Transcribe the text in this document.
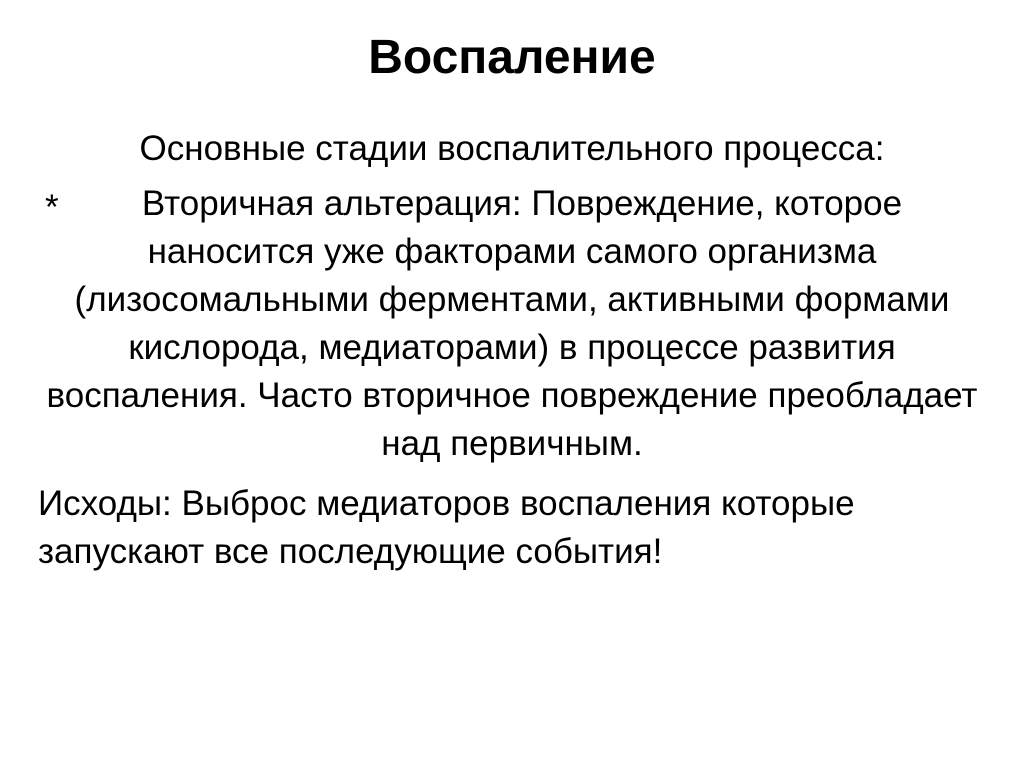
Воспаление

Основные стадии воспалительного процесса:

*	Вторичная альтерация: Повреждение, которое наносится уже факторами самого организма (лизосомальными ферментами, активными формами кислорода, медиаторами) в процессе развития воспаления. Часто вторичное повреждение преобладает над первичным.

Исходы: Выброс медиаторов воспаления которые запускают все последующие события!
